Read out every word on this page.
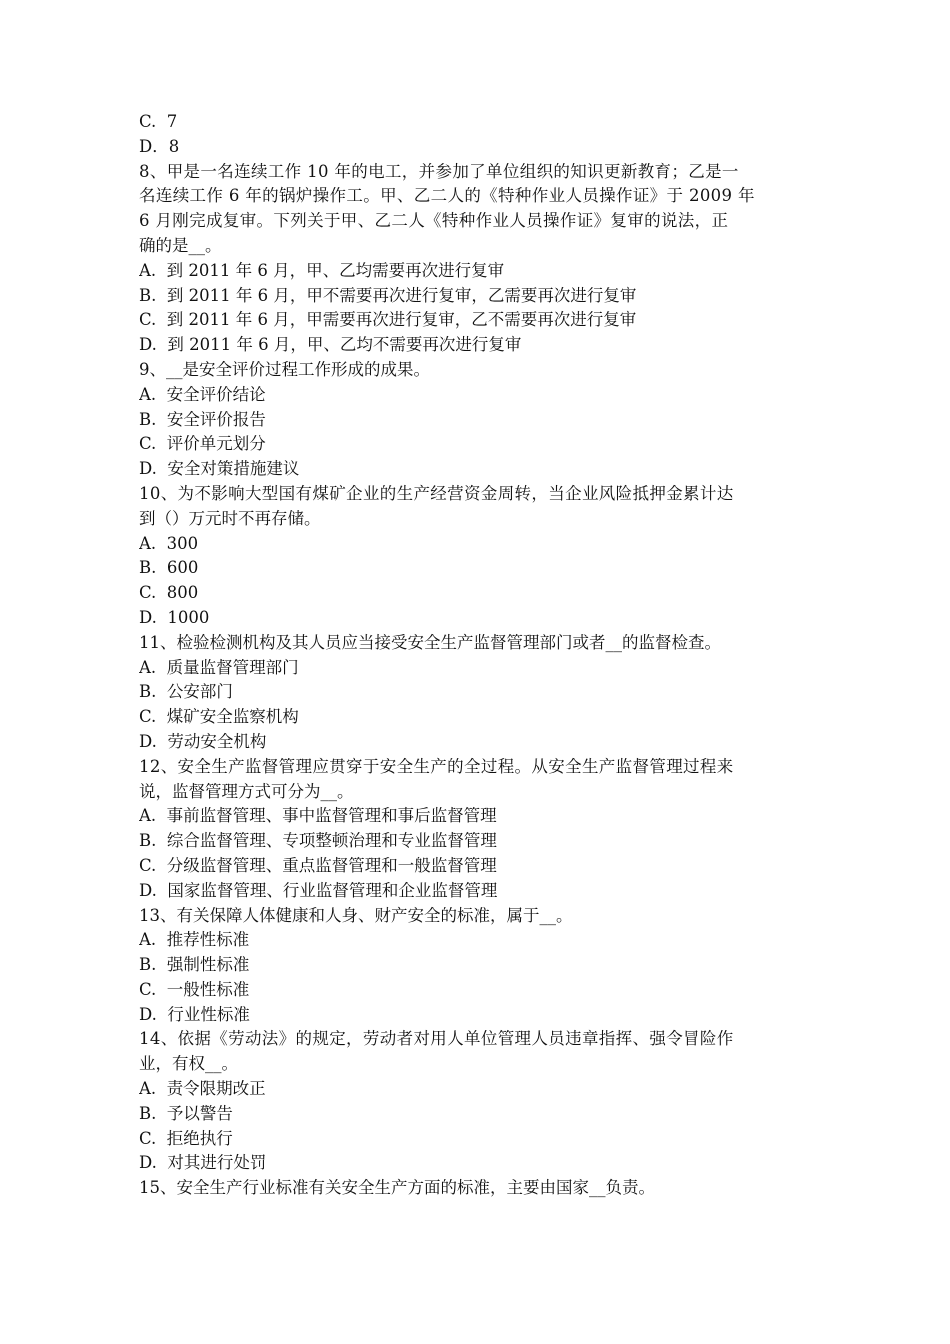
C.  7
D．8
8、甲是一名连续工作 10 年的电工，并参加了单位组织的知识更新教育；乙是一
名连续工作 6 年的锅炉操作工。甲、乙二人的《特种作业人员操作证》于 2009 年
6 月刚完成复审。下列关于甲、乙二人《特种作业人员操作证》复审的说法，正
确的是__。
A.  到 2011 年 6 月，甲、乙均需要再次进行复审
B.  到 2011 年 6 月，甲不需要再次进行复审，乙需要再次进行复审
C.  到 2011 年 6 月，甲需要再次进行复审，乙不需要再次进行复审
D.  到 2011 年 6 月，甲、乙均不需要再次进行复审
9、__是安全评价过程工作形成的成果。
A.  安全评价结论
B.  安全评价报告
C.  评价单元划分
D.  安全对策措施建议
10、为不影响大型国有煤矿企业的生产经营资金周转，当企业风险抵押金累计达
到（）万元时不再存储。
A.  300
B.  600
C.  800
D.  1000
11、检验检测机构及其人员应当接受安全生产监督管理部门或者__的监督检查。
A.  质量监督管理部门
B.  公安部门
C.  煤矿安全监察机构
D.  劳动安全机构
12、安全生产监督管理应贯穿于安全生产的全过程。从安全生产监督管理过程来
说，监督管理方式可分为__。
A.  事前监督管理、事中监督管理和事后监督管理
B.  综合监督管理、专项整顿治理和专业监督管理
C.  分级监督管理、重点监督管理和一般监督管理
D.  国家监督管理、行业监督管理和企业监督管理
13、有关保障人体健康和人身、财产安全的标准，属于__。
A.  推荐性标准
B.  强制性标准
C.  一般性标准
D.  行业性标准
14、依据《劳动法》的规定，劳动者对用人单位管理人员违章指挥、强令冒险作
业，有权__。
A.  责令限期改正
B.  予以警告
C.  拒绝执行
D.  对其进行处罚
15、安全生产行业标准有关安全生产方面的标准，主要由国家__负责。
